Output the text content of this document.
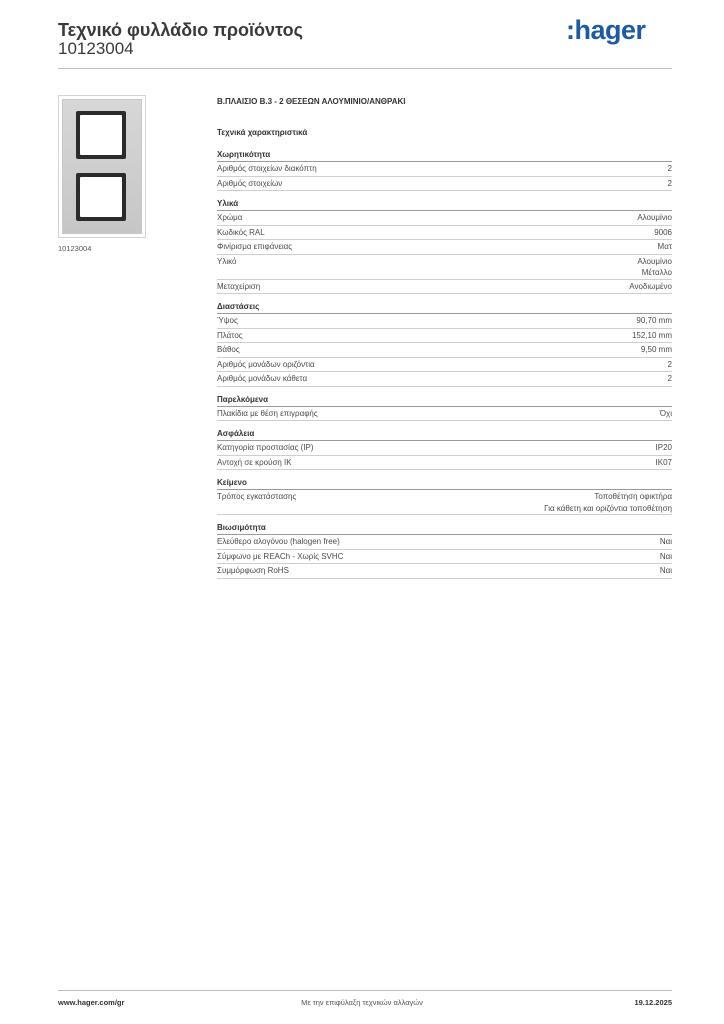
Τεχνικό φυλλάδιο προϊόντος
10123004
:hager
10123004
Β.ΠΛΑΙΣΙΟ Β.3 - 2 ΘΕΣΕΩΝ ΑΛΟΥΜΙΝΙΟ/ΑΝΘΡΑΚΙ
Τεχνικά χαρακτηριστικά
Χωρητικότητα
Αριθμός στοιχείων διακόπτη	2
Αριθμός στοιχείων	2
Υλικά
Χρώμα	Αλουμίνιο
Κωδικός RAL	9006
Φινίρισμα επιφάνειας	Ματ
Υλικό	Αλουμίνιο
Μέταλλο
Μεταχείριση	Ανοδιωμένο
Διαστάσεις
Ύψος	90,70 mm
Πλάτος	152,10 mm
Βάθος	9,50 mm
Αριθμός μονάδων οριζόντια	2
Αριθμός μονάδων κάθετα	2
Παρελκόμενα
Πλακίδια με θέση επιγραφής	Όχι
Ασφάλεια
Κατηγορία προστασίας (IP)	IP20
Αντοχή σε κρούση IK	IK07
Κείμενο
Τρόπος εγκατάστασης	Τοποθέτηση οφικτήρα
Για κάθετη και οριζόντια τοποθέτηση
Βιωσιμότητα
Ελεύθερο αλογόνου (halogen free)	Ναι
Σύμφωνο με REACh - Χωρίς SVHC	Ναι
Συμμόρφωση RoHS	Ναι
www.hager.com/gr	Με την επιφύλαξη τεχνικών αλλαγών	19.12.2025
